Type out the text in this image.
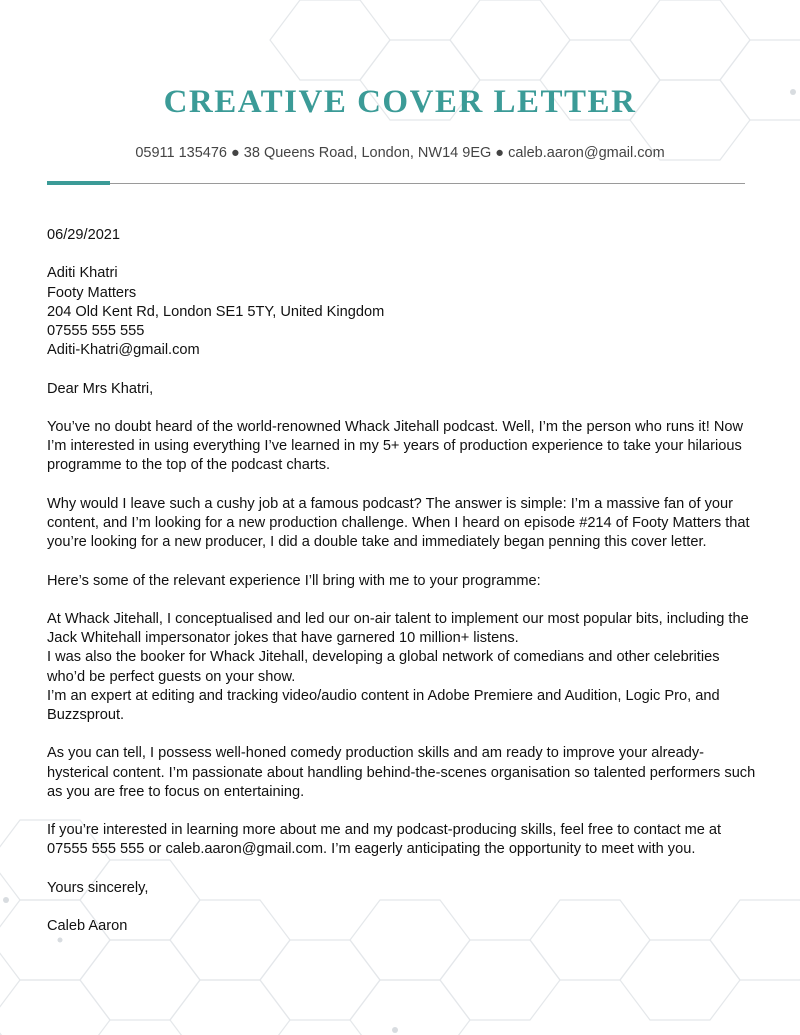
CREATIVE COVER LETTER
05911 135476 ● 38 Queens Road, London, NW14 9EG ● caleb.aaron@gmail.com

06/29/2021

Aditi Khatri

Footy Matters

204 Old Kent Rd, London SE1 5TY, United Kingdom

07555 555 555

Aditi-Khatri@gmail.com

Dear Mrs Khatri,

You’ve no doubt heard of the world-renowned Whack Jitehall podcast. Well, I’m the person who runs it! Now I’m interested in using everything I’ve learned in my 5+ years of production experience to take your hilarious programme to the top of the podcast charts.

Why would I leave such a cushy job at a famous podcast? The answer is simple: I’m a massive fan of your content, and I’m looking for a new production challenge. When I heard on episode #214 of Footy Matters that you’re looking for a new producer, I did a double take and immediately began penning this cover letter.

Here’s some of the relevant experience I’ll bring with me to your programme:

At Whack Jitehall, I conceptualised and led our on-air talent to implement our most popular bits, including the Jack Whitehall impersonator jokes that have garnered 10 million+ listens.

I was also the booker for Whack Jitehall, developing a global network of comedians and other celebrities who’d be perfect guests on your show.

I’m an expert at editing and tracking video/audio content in Adobe Premiere and Audition, Logic Pro, and Buzzsprout.

As you can tell, I possess well-honed comedy production skills and am ready to improve your already-hysterical content. I’m passionate about handling behind-the-scenes organisation so talented performers such as you are free to focus on entertaining.

If you’re interested in learning more about me and my podcast-producing skills, feel free to contact me at 07555 555 555 or caleb.aaron@gmail.com. I’m eagerly anticipating the opportunity to meet with you.

Yours sincerely,

Caleb Aaron
